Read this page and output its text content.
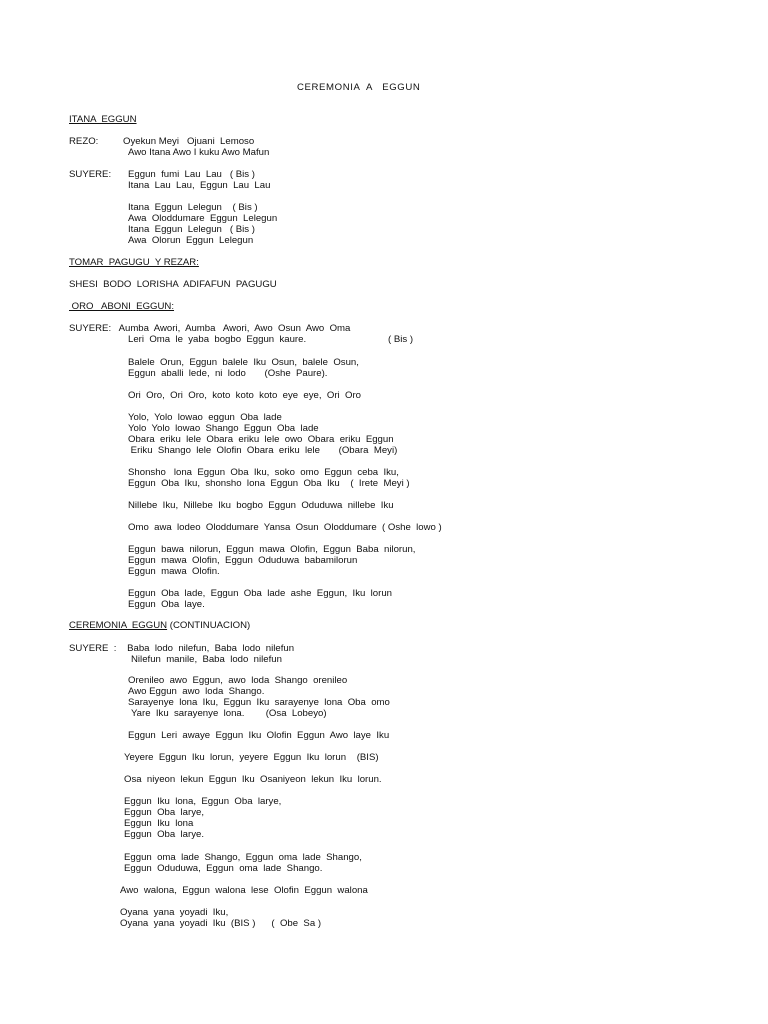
CEREMONIA  A   EGGUN
ITANA  EGGUN
REZO:	Oyekun Meyi   Ojuani  Lemoso
Awo Itana Awo I kuku Awo Mafun
SUYERE: Eggun  fumi  Lau  Lau   ( Bis )
Itana  Lau  Lau,  Eggun  Lau  Lau
Itana  Eggun  Lelegun    ( Bis )
Awa  Oloddumare  Eggun  Lelegun
Itana  Eggun  Lelegun   ( Bis )
Awa  Olorun  Eggun  Lelegun
TOMAR  PAGUGU  Y REZAR:
SHESI  BODO  LORISHA  ADIFAFUN  PAGUGU
ORO   ABONI  EGGUN:
SUYERE:   Aumba  Awori,  Aumba   Awori,  Awo  Osun  Awo  Oma
Leri  Oma  le  yaba  bogbo  Eggun  kaure.	( Bis )
Balele  Orun,  Eggun  balele  Iku  Osun,  balele  Osun,
Eggun  aballi  lede,  ni  lodo       (Oshe  Paure).
Ori  Oro,  Ori  Oro,  koto  koto  koto  eye  eye,  Ori  Oro
Yolo,  Yolo  lowao  eggun  Oba  lade
Yolo  Yolo  lowao  Shango  Eggun  Oba  lade
Obara  eriku  lele  Obara  eriku  lele  owo  Obara  eriku  Eggun
Eriku  Shango  lele  Olofin  Obara  eriku  lele       (Obara  Meyi)
Shonsho   lona  Eggun  Oba  Iku,  soko  omo  Eggun  ceba  Iku,
Eggun  Oba  Iku,  shonsho  lona  Eggun  Oba  Iku    (  Irete  Meyi )
Nillebe  Iku,  Nillebe  Iku  bogbo  Eggun  Oduduwa  nillebe  Iku
Omo  awa  lodeo  Oloddumare  Yansa  Osun  Oloddumare  ( Oshe  lowo )
Eggun  bawa  nilorun,  Eggun  mawa  Olofin,  Eggun  Baba  nilorun,
Eggun  mawa  Olofin,  Eggun  Oduduwa  babamilorun
Eggun  mawa  Olofin.
Eggun  Oba  lade,  Eggun  Oba  lade  ashe  Eggun,  Iku  lorun
Eggun  Oba  laye.
CEREMONIA  EGGUN (CONTINUACION)
SUYERE  :    Baba  lodo  nilefun,  Baba  lodo  nilefun
Nilefun  manile,  Baba  lodo  nilefun
Orenileo  awo  Eggun,  awo  loda  Shango  orenileo
Awo Eggun  awo  loda  Shango.
Sarayenye  lona  Iku,  Eggun  Iku  sarayenye  lona  Oba  omo
Yare  Iku  sarayenye  lona.        (Osa  Lobeyo)
Eggun  Leri  awaye  Eggun  Iku  Olofin  Eggun  Awo  laye  Iku
Yeyere  Eggun  Iku  lorun,  yeyere  Eggun  Iku  lorun    (BIS)
Osa  niyeon  lekun  Eggun  Iku  Osaniyeon  lekun  Iku  lorun.
Eggun  Iku  lona,  Eggun  Oba  larye,
Eggun  Oba  larye,
Eggun  Iku  lona
Eggun  Oba  larye.
Eggun  oma  lade  Shango,  Eggun  oma  lade  Shango,
Eggun  Oduduwa,  Eggun  oma  lade  Shango.
Awo  walona,  Eggun  walona  lese  Olofin  Eggun  walona
Oyana  yana  yoyadi  Iku,
Oyana  yana  yoyadi  Iku  (BIS )      (  Obe  Sa )
